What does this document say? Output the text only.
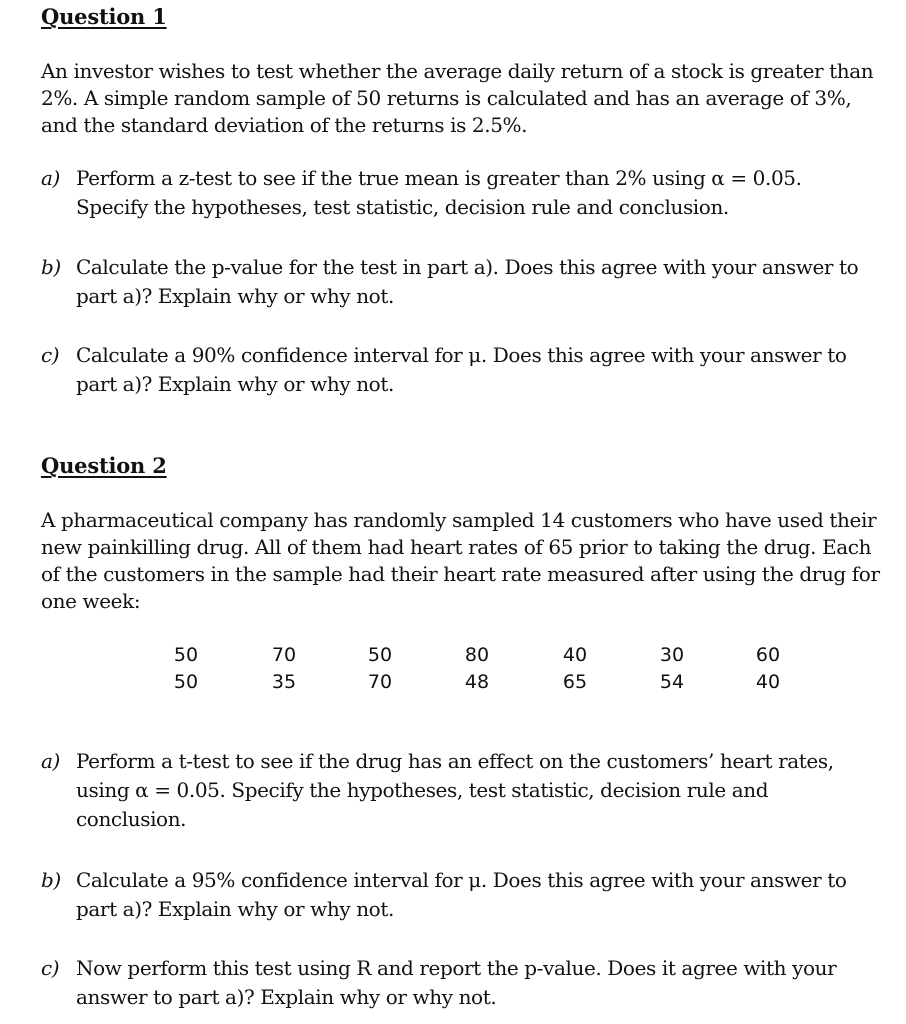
Question 1
An investor wishes to test whether the average daily return of a stock is greater than
2%. A simple random sample of 50 returns is calculated and has an average of 3%,
and the standard deviation of the returns is 2.5%.
a) Perform a z-test to see if the true mean is greater than 2% using α = 0.05.
Specify the hypotheses, test statistic, decision rule and conclusion.
b) Calculate the p-value for the test in part a). Does this agree with your answer to
part a)? Explain why or why not.
c) Calculate a 90% confidence interval for μ. Does this agree with your answer to
part a)? Explain why or why not.
Question 2
A pharmaceutical company has randomly sampled 14 customers who have used their
new painkilling drug. All of them had heart rates of 65 prior to taking the drug. Each
of the customers in the sample had their heart rate measured after using the drug for
one week:
50	70	50	80	40	30	60
50	35	70	48	65	54	40
a) Perform a t-test to see if the drug has an effect on the customers’ heart rates,
using α = 0.05. Specify the hypotheses, test statistic, decision rule and
conclusion.
b) Calculate a 95% confidence interval for μ. Does this agree with your answer to
part a)? Explain why or why not.
c) Now perform this test using R and report the p-value. Does it agree with your
answer to part a)? Explain why or why not.
